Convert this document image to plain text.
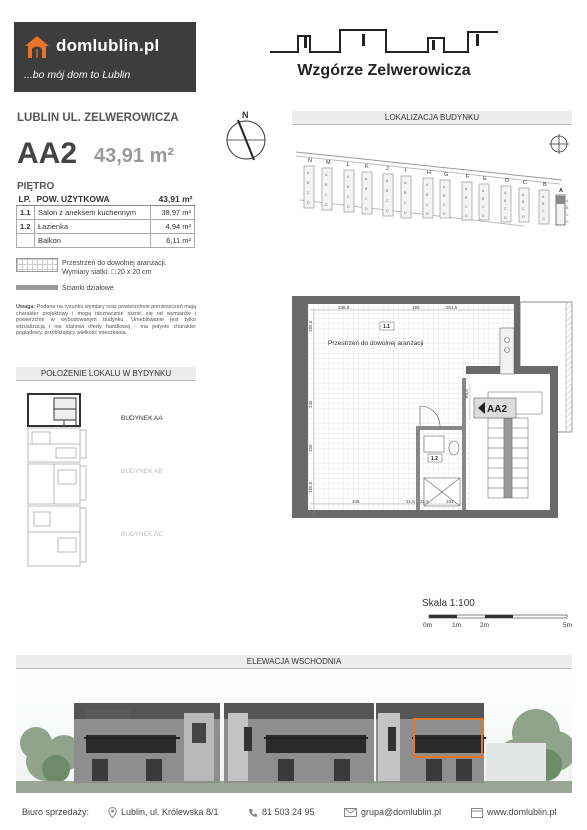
domlublin.pl
...bo mój dom to Lublin	Wzgórze Zelwerowicza
LUBLIN UL. ZELWEROWICZA
AA2 43,91 m²
PIĘTRO
LP.	POW. UŻYTKOWA	43,91 m²
1.1	Salon z aneksem kuchennym	38,97 m²
1.2	Łazienka	4,94 m²
	Balkon	6,11 m²
Przestrzeń do dowolnej aranżacji.
Wymiary siatki: □ 20 x 20 cm
Ścianki działowe
Uwaga: Podane na rysunku wymiary oraz powierzchnie pomieszczeń mają charakter projektowy i mogą nieznacznie różnić się od wymiarów i powierzchni w wybudowanym budynku. Umeblowanie jest tylko wizualizacją i nie stanowi oferty handlowej - ma jedynie charakter poglądowy, przybliżający wielkość mieszkania.
N
POŁOŻENIE LOKALU W BYDYNKU
LOKALIZACJA BUDYNKU
ELEWACJA WSCHODNIA
BUDYNEK AA
BUDYNEK AB
BUDYNEK AC
N	M	L	K	J	I	H G	F E	D	C	B
A
A
B
C
D
A
B
C
D
A
B
C
D
A
B
C
D
A
B
C
D
A
B
C
D
A
B
C
D
A
B
C
D
A
B
C
D
A
B
C
D
A
B
C
D
A
B
C
D
A
B
C
D
A
B
C
D
339,5	190	251,5
189,5
245
100
345	31,5 31,5	181
65,5
160,5
1.1
Przestrzeń do dowolnej aranżacji
1.2
AA2
Skala 1:100
0m	1m	2m	5m
Biuro sprzedaży:	Lublin, ul. Królewska 8/1	81 503 24 95	grupa@domlublin.pl	www.domlublin.pl
